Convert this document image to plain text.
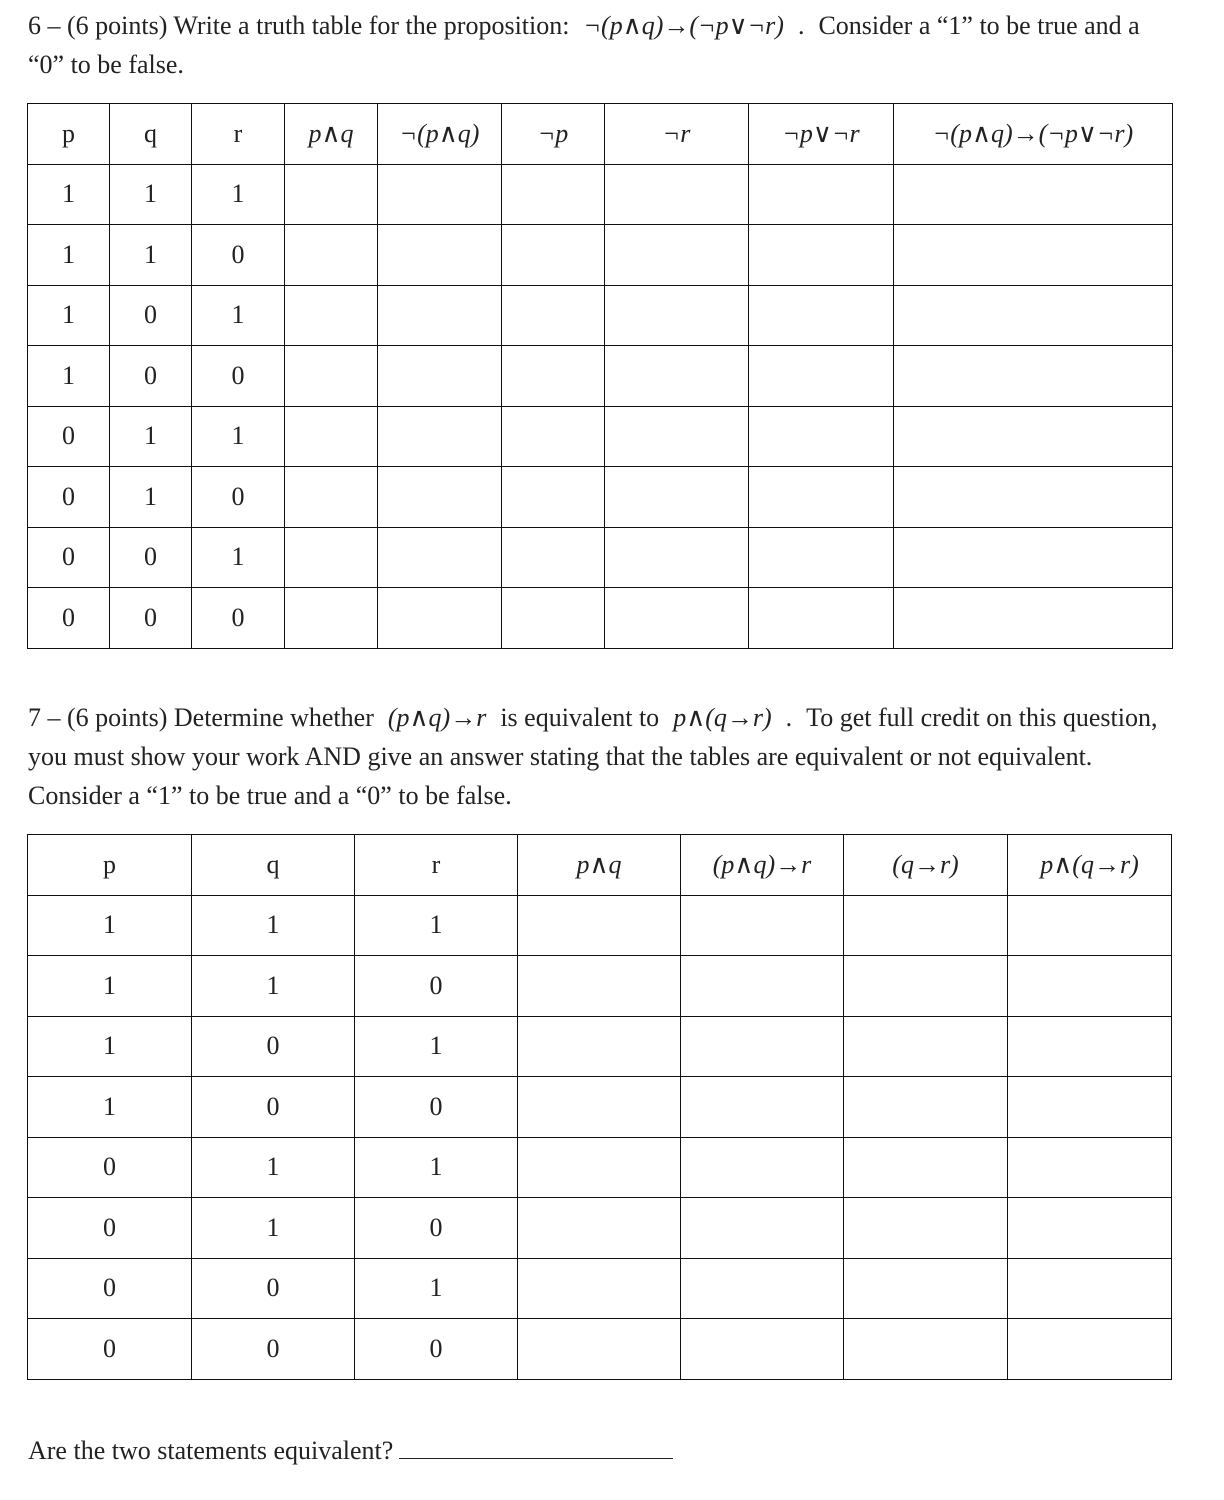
6 – (6 points) Write a truth table for the proposition: ¬(p∧q)→(¬p∨¬r) . Consider a “1” to be true and a “0” to be false.
p	q	r	p∧q	¬(p∧q)	¬p	¬r	¬p∨¬r	¬(p∧q)→(¬p∨¬r)
1	1	1						
1	1	0						
1	0	1						
1	0	0						
0	1	1						
0	1	0						
0	0	1						
0	0	0						
7 – (6 points) Determine whether (p∧q)→r is equivalent to p∧(q→r) . To get full credit on this question, you must show your work AND give an answer stating that the tables are equivalent or not equivalent. Consider a “1” to be true and a “0” to be false.
p	q	r	p∧q	(p∧q)→r	(q→r)	p∧(q→r)
1	1	1				
1	1	0				
1	0	1				
1	0	0				
0	1	1				
0	1	0				
0	0	1				
0	0	0				
Are the two statements equivalent?
